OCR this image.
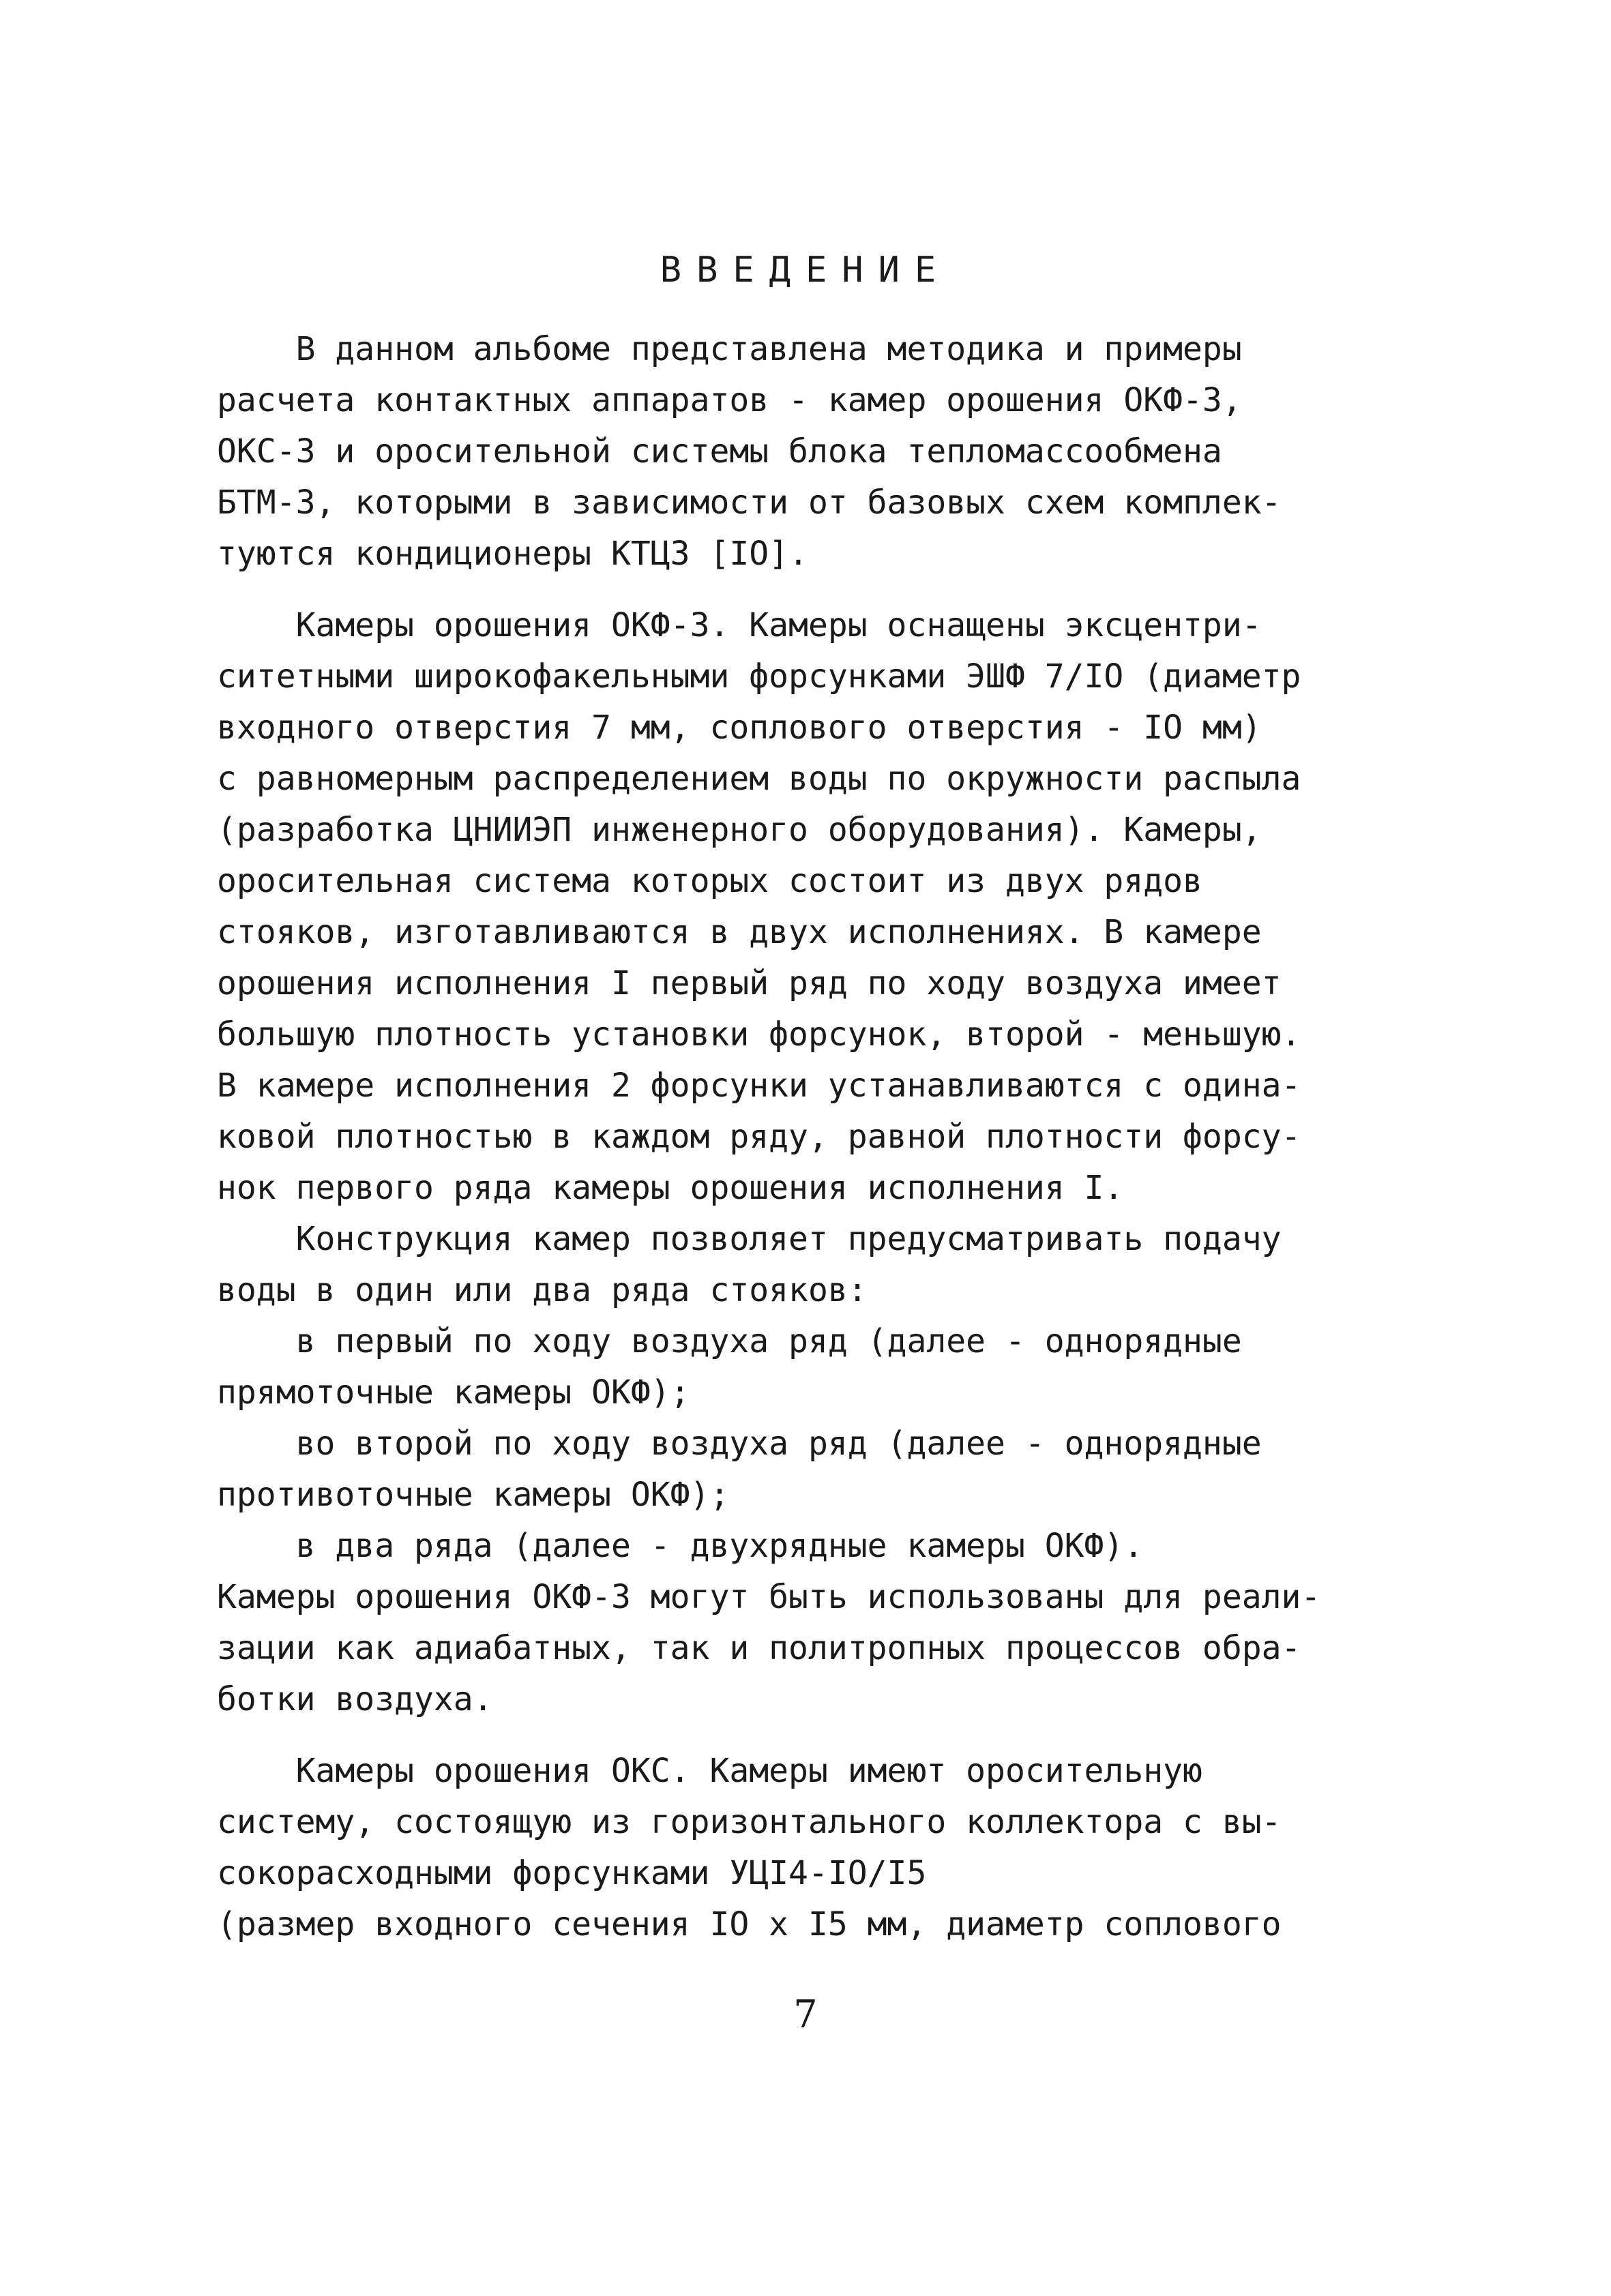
ВВЕДЕНИЕ
В данном альбоме представлена методика и примеры
расчета контактных аппаратов - камер орошения ОКФ-3,
ОКС-3 и оросительной системы блока тепломассообмена
БТМ-3, которыми в зависимости от базовых схем комплек-
туются кондиционеры КТЦЗ [IO].
Камеры орошения ОКФ-3. Камеры оснащены эксцентри-
ситетными широкофакельными форсунками ЭШФ 7/IO (диаметр
входного отверстия 7 мм, соплового отверстия - IO мм)
с равномерным распределением воды по окружности распыла
(разработка ЦНИИЭП инженерного оборудования). Камеры,
оросительная система которых состоит из двух рядов
стояков, изготавливаются в двух исполнениях. В камере
орошения исполнения I первый ряд по ходу воздуха имеет
большую плотность установки форсунок, второй - меньшую.
В камере исполнения 2 форсунки устанавливаются с одина-
ковой плотностью в каждом ряду, равной плотности форсу-
нок первого ряда камеры орошения исполнения I.
Конструкция камер позволяет предусматривать подачу
воды в один или два ряда стояков:
в первый по ходу воздуха ряд (далее - однорядные
прямоточные камеры ОКФ);
во второй по ходу воздуха ряд (далее - однорядные
противоточные камеры ОКФ);
в два ряда (далее - двухрядные камеры ОКФ).
Камеры орошения ОКФ-3 могут быть использованы для реали-
зации как адиабатных, так и политропных процессов обра-
ботки воздуха.
Камеры орошения ОКС. Камеры имеют оросительную
систему, состоящую из горизонтального коллектора с вы-
сокорасходными форсунками УЦI4-IO/I5
(размер входного сечения IO x I5 мм, диаметр соплового
7
